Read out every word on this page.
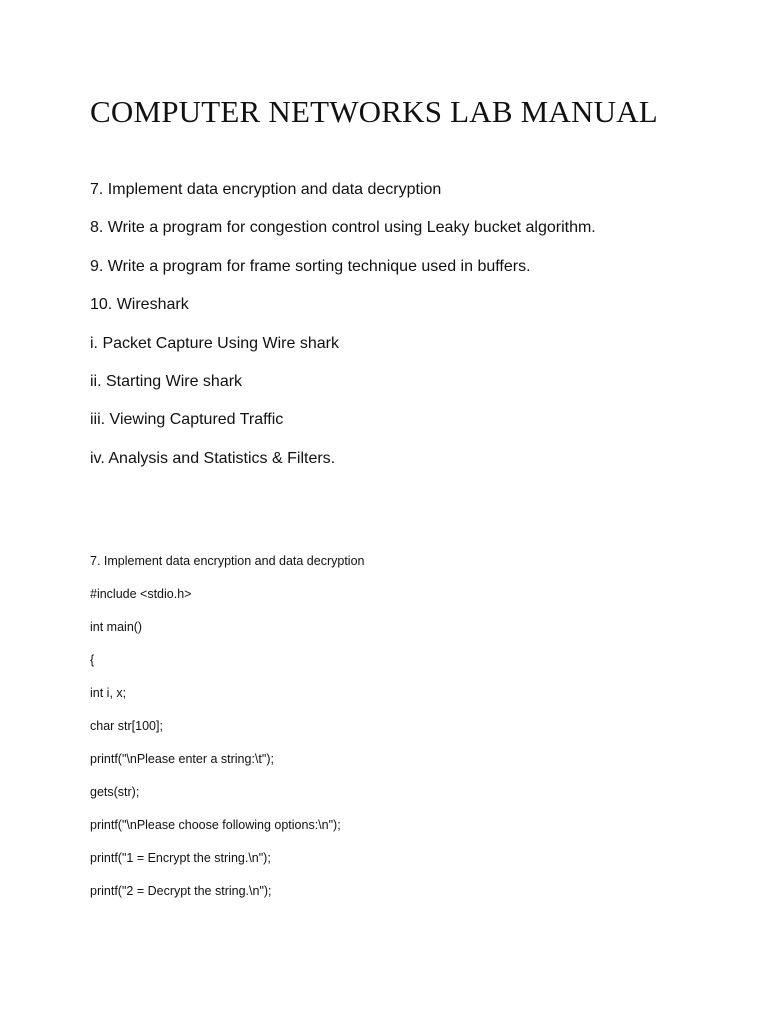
COMPUTER NETWORKS LAB MANUAL
7. Implement data encryption and data decryption
8. Write a program for congestion control using Leaky bucket algorithm.
9. Write a program for frame sorting technique used in buffers.
10. Wireshark
i. Packet Capture Using Wire shark
ii. Starting Wire shark
iii. Viewing Captured Traffic
iv. Analysis and Statistics & Filters.
7. Implement data encryption and data decryption
#include <stdio.h>
int main()
{
int i, x;
char str[100];
printf("\nPlease enter a string:\t");
gets(str);
printf("\nPlease choose following options:\n");
printf("1 = Encrypt the string.\n");
printf("2 = Decrypt the string.\n");
